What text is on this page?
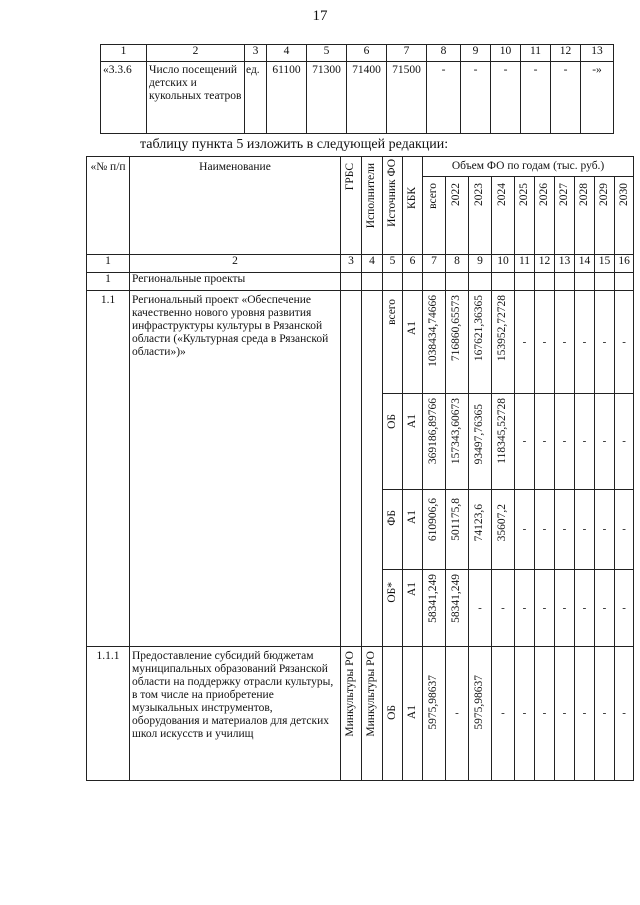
17
1	2	3	4	5	6	7	8	9	10	11	12	13
«3.3.6	Число посещений детских и кукольных театров	ед.	61100	71300	71400	71500	-	-	-	-	-	-»
таблицу пункта 5 изложить в следующей редакции:
«№ п/п	Наименование	ГРБС	Исполнители	Источник ФО	КБК	Объем ФО по годам (тыс. руб.)									

						всего	2022	2023	2024	2025	2026	2027	2028	2029	2030

1	2	3	4	5	6	7	8	9	10	11	12	13	14	15	16
1	Региональные проекты														
1.1	Региональный проект «Обеспечение качественно нового уровня развития инфраструктуры культуры в Рязанской области («Культурная среда в Рязанской области»)»			всего	А1	1038434,74666	716860,65573	167621,36365	153952,72728	-	-	-	-	-	-

				ОБ	А1	369186,89766	157343,60673	93497,76365	118345,52728	-	-	-	-	-	-

				ФБ	А1	610906,6	501175,8	74123,6	35607,2	-	-	-	-	-	-

				ОБ*	А1	58341,249	58341,249	-	-	-	-	-	-	-	-
1.1.1	Предоставление субсидий бюджетам муниципальных образований Рязанской области на поддержку отрасли культуры, в том числе на приобретение музыкальных инструментов, оборудования и материалов для детских школ искусств и училищ	Минкультуры РО	Минкультуры РО	ОБ	А1	5975,98637	-	5975,98637	-	-	-	-	-	-	-
